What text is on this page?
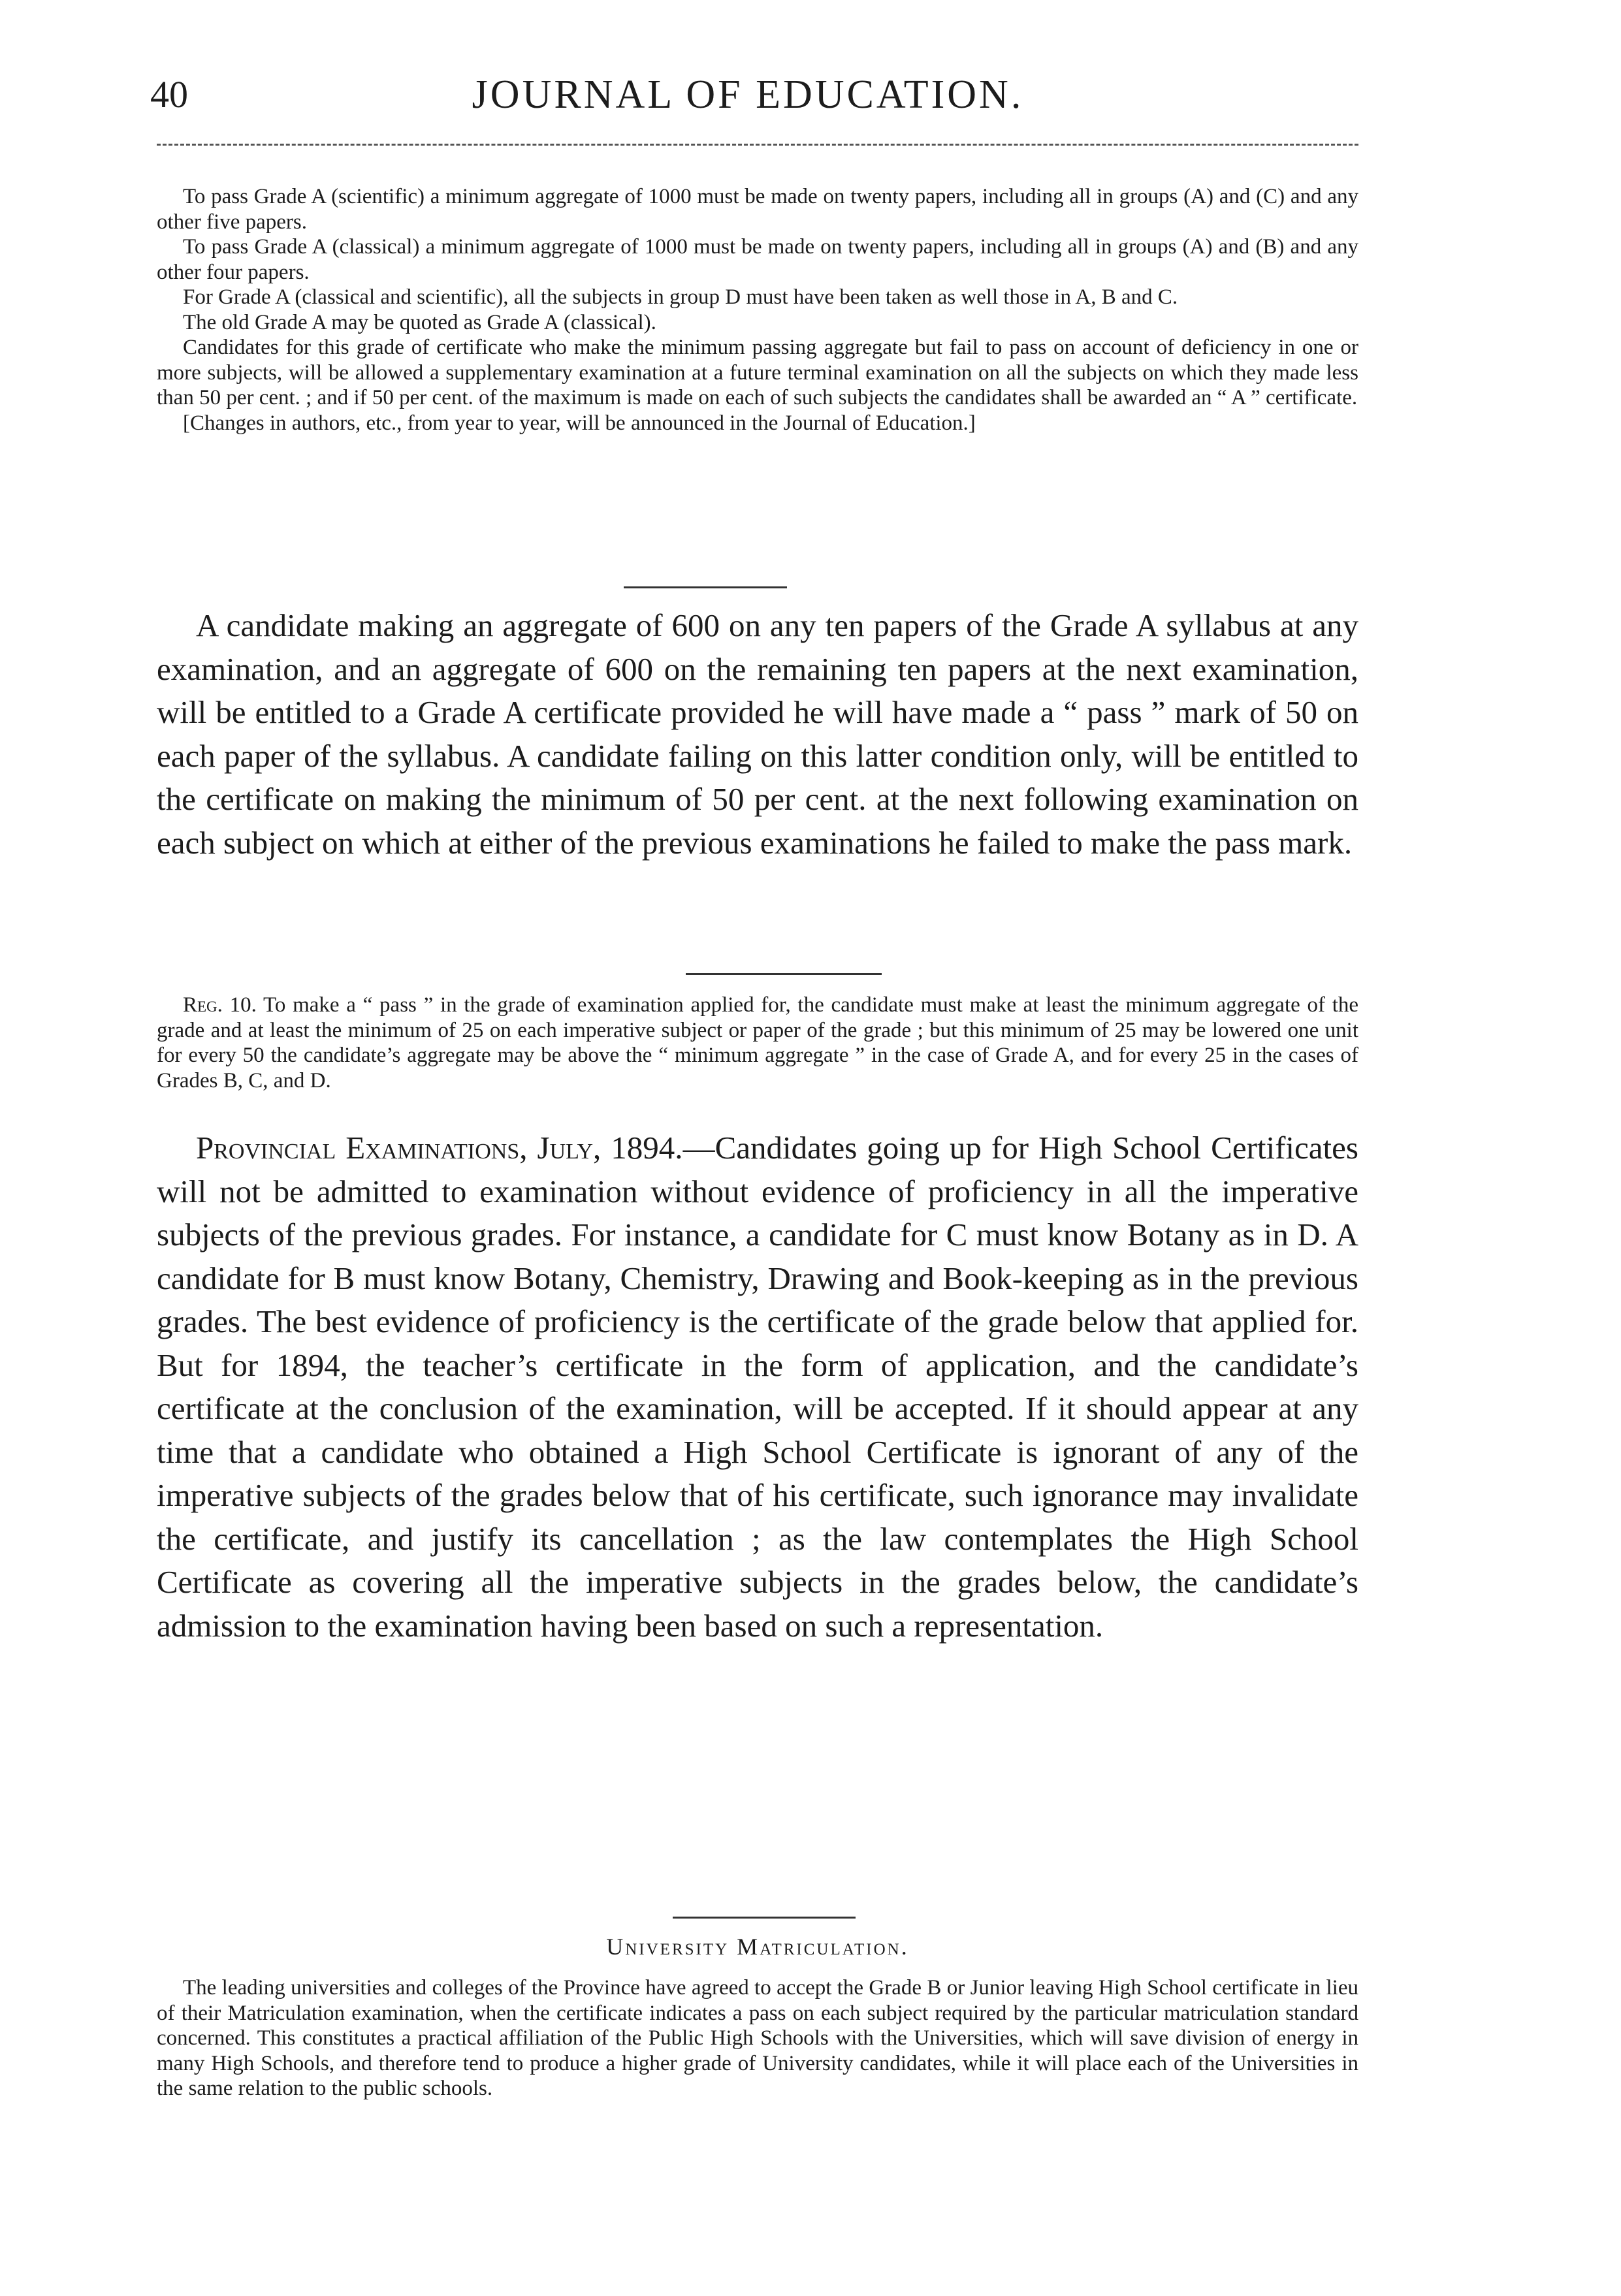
40	JOURNAL OF EDUCATION.

To pass Grade A (scientific) a minimum aggregate of 1000 must be made on twenty papers, including all in groups (A) and (C) and any other five papers.

To pass Grade A (classical) a minimum aggregate of 1000 must be made on twenty papers, including all in groups (A) and (B) and any other four papers.

For Grade A (classical and scientific), all the subjects in group D must have been taken as well those in A, B and C.

The old Grade A may be quoted as Grade A (classical).

Candidates for this grade of certificate who make the minimum passing aggregate but fail to pass on account of deficiency in one or more subjects, will be allowed a supplementary examination at a future terminal examination on all the subjects on which they made less than 50 per cent. ; and if 50 per cent. of the maximum is made on each of such subjects the candidates shall be awarded an “ A ” certificate.

[Changes in authors, etc., from year to year, will be announced in the Journal of Education.]

A candidate making an aggregate of 600 on any ten papers of the Grade A syllabus at any examination, and an aggregate of 600 on the remaining ten papers at the next examination, will be entitled to a Grade A certificate provided he will have made a “ pass ” mark of 50 on each paper of the syllabus. A candidate failing on this latter condition only, will be entitled to the certificate on making the minimum of 50 per cent. at the next following examination on each subject on which at either of the previous examinations he failed to make the pass mark.

Reg. 10. To make a “ pass ” in the grade of examination applied for, the candidate must make at least the minimum aggregate of the grade and at least the minimum of 25 on each imperative subject or paper of the grade ; but this minimum of 25 may be lowered one unit for every 50 the candidate’s aggregate may be above the “ minimum aggregate ” in the case of Grade A, and for every 25 in the cases of Grades B, C, and D.

Provincial Examinations, July, 1894.—Candidates going up for High School Certificates will not be admitted to examination without evidence of proficiency in all the imperative subjects of the previous grades. For instance, a candidate for C must know Botany as in D. A candidate for B must know Botany, Chemistry, Drawing and Book-keeping as in the previous grades. The best evidence of proficiency is the certificate of the grade below that applied for. But for 1894, the teacher’s certificate in the form of application, and the candidate’s certificate at the conclusion of the examination, will be accepted. If it should appear at any time that a candidate who obtained a High School Certificate is ignorant of any of the imperative subjects of the grades below that of his certificate, such ignorance may invalidate the certificate, and justify its cancellation ; as the law contemplates the High School Certificate as covering all the imperative subjects in the grades below, the candidate’s admission to the examination having been based on such a representation.

University Matriculation.

The leading universities and colleges of the Province have agreed to accept the Grade B or Junior leaving High School certificate in lieu of their Matriculation examination, when the certificate indicates a pass on each subject required by the particular matriculation standard concerned. This constitutes a practical affiliation of the Public High Schools with the Universities, which will save division of energy in many High Schools, and therefore tend to produce a higher grade of University candidates, while it will place each of the Universities in the same relation to the public schools.
